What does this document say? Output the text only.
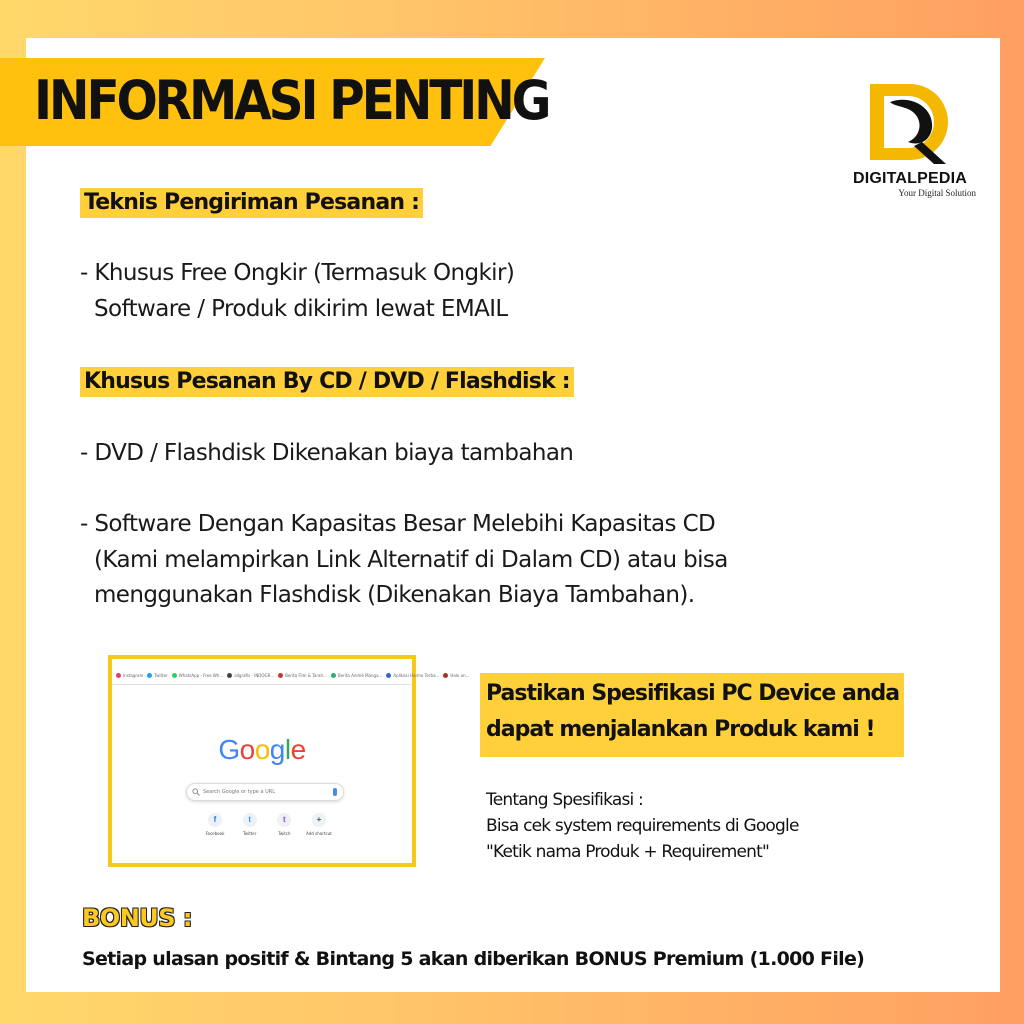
INFORMASI PENTING
DIGITALPEDIA
Your Digital Solution
Teknis Pengiriman Pesanan :
- Khusus Free Ongkir (Termasuk Ongkir)
Software / Produk dikirim lewat EMAIL
Khusus Pesanan By CD / DVD / Flashdisk :
- DVD / Flashdisk Dikenakan biaya tambahan
- Software Dengan Kapasitas Besar Melebihi Kapasitas CD
(Kami melampirkan Link Alternatif di Dalam CD) atau bisa
menggunakan Flashdisk (Dikenakan Biaya Tambahan).
Instagram	Twitter	WhatsApp - Free Wh...	allgrafis - INDOGR...	Berita Film & Tarah...	Berita Animé Manga...	Aplikasi Harmo Terba...	Halo an...
Google
Search Google or type a URL
f
Facebook
t
Twitter
t
Twitch
+
Add shortcut
Pastikan Spesifikasi PC Device anda
dapat menjalankan Produk kami !
Tentang Spesifikasi :
Bisa cek system requirements di Google
"Ketik nama Produk + Requirement"
BONUS :
Setiap ulasan positif & Bintang 5 akan diberikan BONUS Premium (1.000 File)
